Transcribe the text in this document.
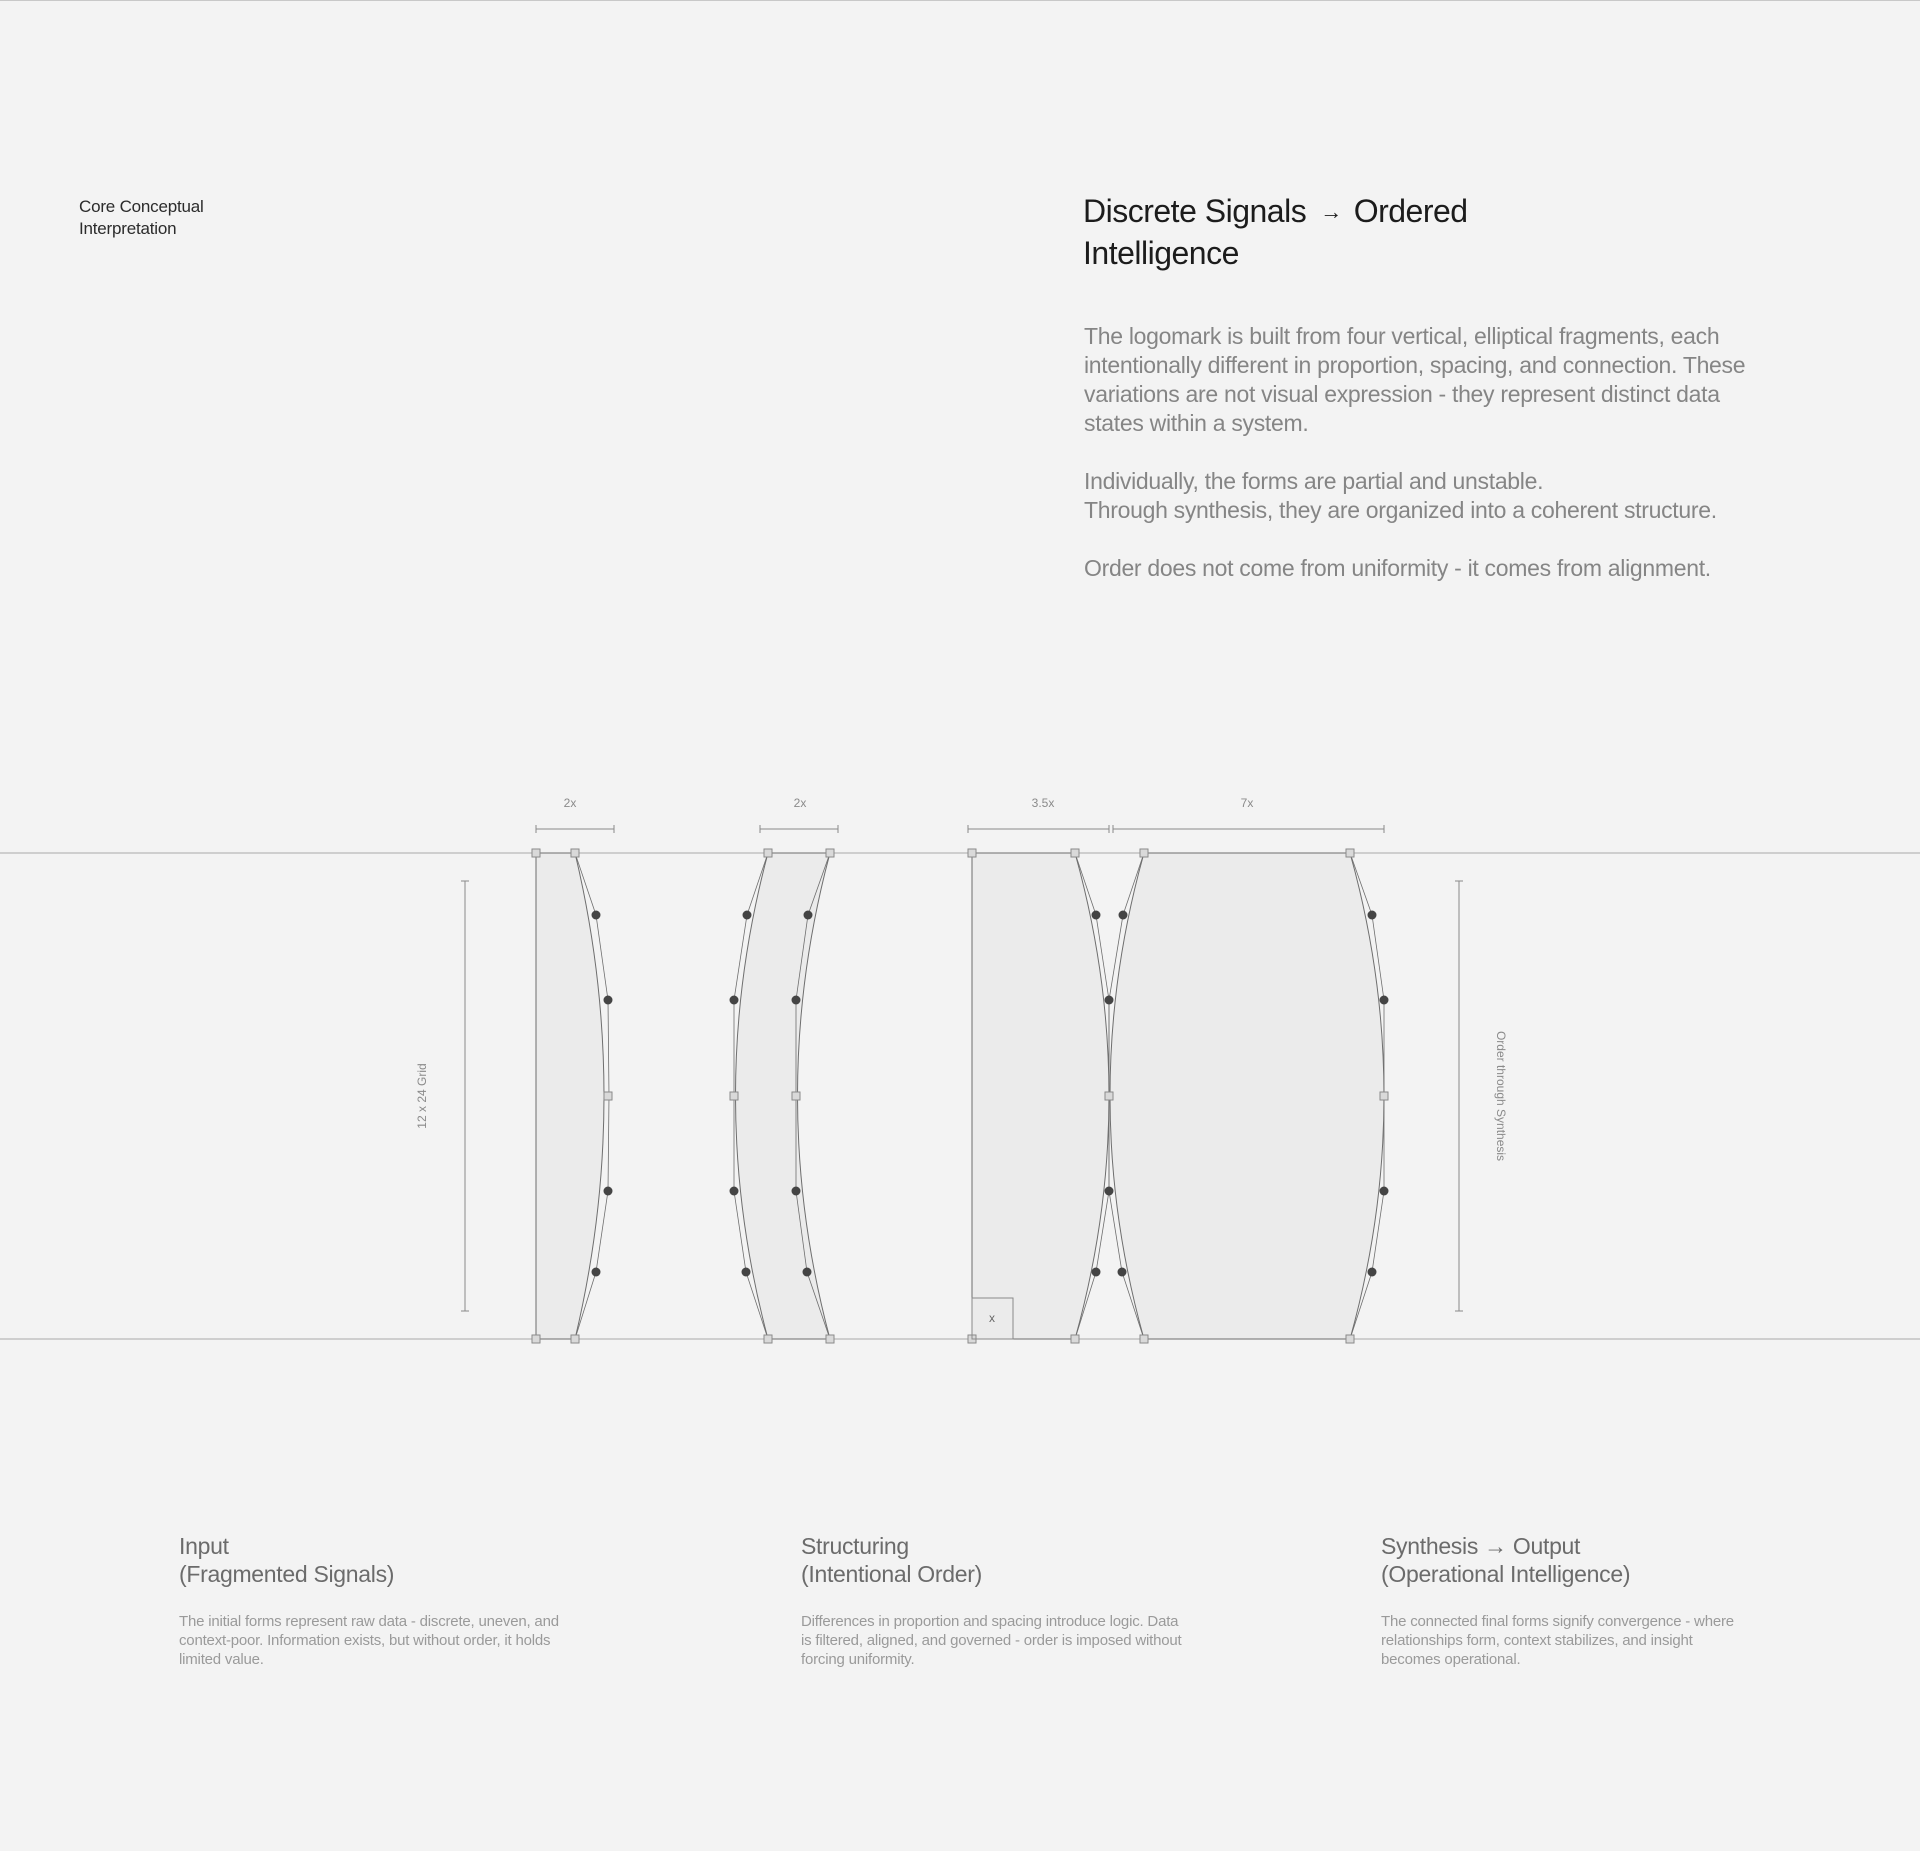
Core Conceptual
Interpretation	Discrete Signals → Ordered
Intelligence

The logomark is built from four vertical, elliptical fragments, each
intentionally different in proportion, spacing, and connection. These
variations are not visual expression - they represent distinct data
states within a system.

Individually, the forms are partial and unstable.
Through synthesis, they are organized into a coherent structure.

Order does not come from uniformity - it comes from alignment.

x
2x	2x	3.5x	7x
12 x 24 Grid	Order through Synthesis
Input
(Fragmented Signals)
The initial forms represent raw data - discrete, uneven, and
context-poor. Information exists, but without order, it holds
limited value.
Structuring
(Intentional Order)
Differences in proportion and spacing introduce logic. Data
is filtered, aligned, and governed - order is imposed without
forcing uniformity.
Synthesis → Output
(Operational Intelligence)
The connected final forms signify convergence - where
relationships form, context stabilizes, and insight
becomes operational.
